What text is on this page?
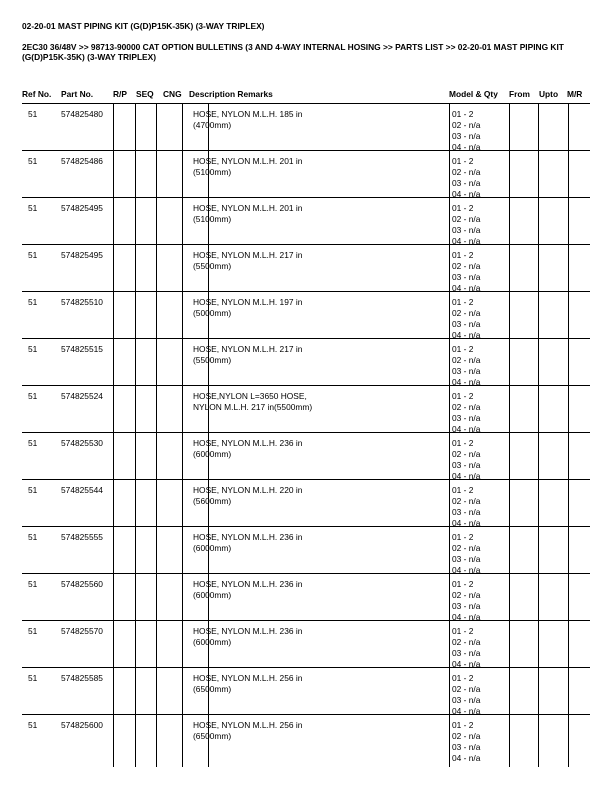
02-20-01 MAST PIPING KIT (G(D)P15K-35K) (3-WAY TRIPLEX)
2EC30 36/48V >> 98713-90000 CAT OPTION BULLETINS (3 AND 4-WAY INTERNAL HOSING >> PARTS LIST >> 02-20-01 MAST PIPING KIT (G(D)P15K-35K) (3-WAY TRIPLEX)
Ref No. Part No. R/P SEQ CNG Description Remarks	Model & Qty From Upto M/R
51	574825480	HOSE, NYLON M.L.H. 185 in
(4700mm)
01 - 2
02 - n/a
03 - n/a
04 - n/a
51	574825486	HOSE, NYLON M.L.H. 201 in
(5100mm)
01 - 2
02 - n/a
03 - n/a
04 - n/a
51	574825495	HOSE, NYLON M.L.H. 201 in
(5100mm)
01 - 2
02 - n/a
03 - n/a
04 - n/a
51	574825495	HOSE, NYLON M.L.H. 217 in
(5500mm)
01 - 2
02 - n/a
03 - n/a
04 - n/a
51	574825510	HOSE, NYLON M.L.H. 197 in
(5000mm)
01 - 2
02 - n/a
03 - n/a
04 - n/a
51	574825515	HOSE, NYLON M.L.H. 217 in
(5500mm)
01 - 2
02 - n/a
03 - n/a
04 - n/a
51	574825524	HOSE,NYLON L=3650 HOSE,
NYLON M.L.H. 217 in(5500mm)
01 - 2
02 - n/a
03 - n/a
04 - n/a
51	574825530	HOSE, NYLON M.L.H. 236 in
(6000mm)
01 - 2
02 - n/a
03 - n/a
04 - n/a
51	574825544	HOSE, NYLON M.L.H. 220 in
(5600mm)
01 - 2
02 - n/a
03 - n/a
04 - n/a
51	574825555	HOSE, NYLON M.L.H. 236 in
(6000mm)
01 - 2
02 - n/a
03 - n/a
04 - n/a
51	574825560	HOSE, NYLON M.L.H. 236 in
(6000mm)
01 - 2
02 - n/a
03 - n/a
04 - n/a
51	574825570	HOSE, NYLON M.L.H. 236 in
(6000mm)
01 - 2
02 - n/a
03 - n/a
04 - n/a
51	574825585	HOSE, NYLON M.L.H. 256 in
(6500mm)
01 - 2
02 - n/a
03 - n/a
04 - n/a
51	574825600	HOSE, NYLON M.L.H. 256 in
(6500mm)
01 - 2
02 - n/a
03 - n/a
04 - n/a
